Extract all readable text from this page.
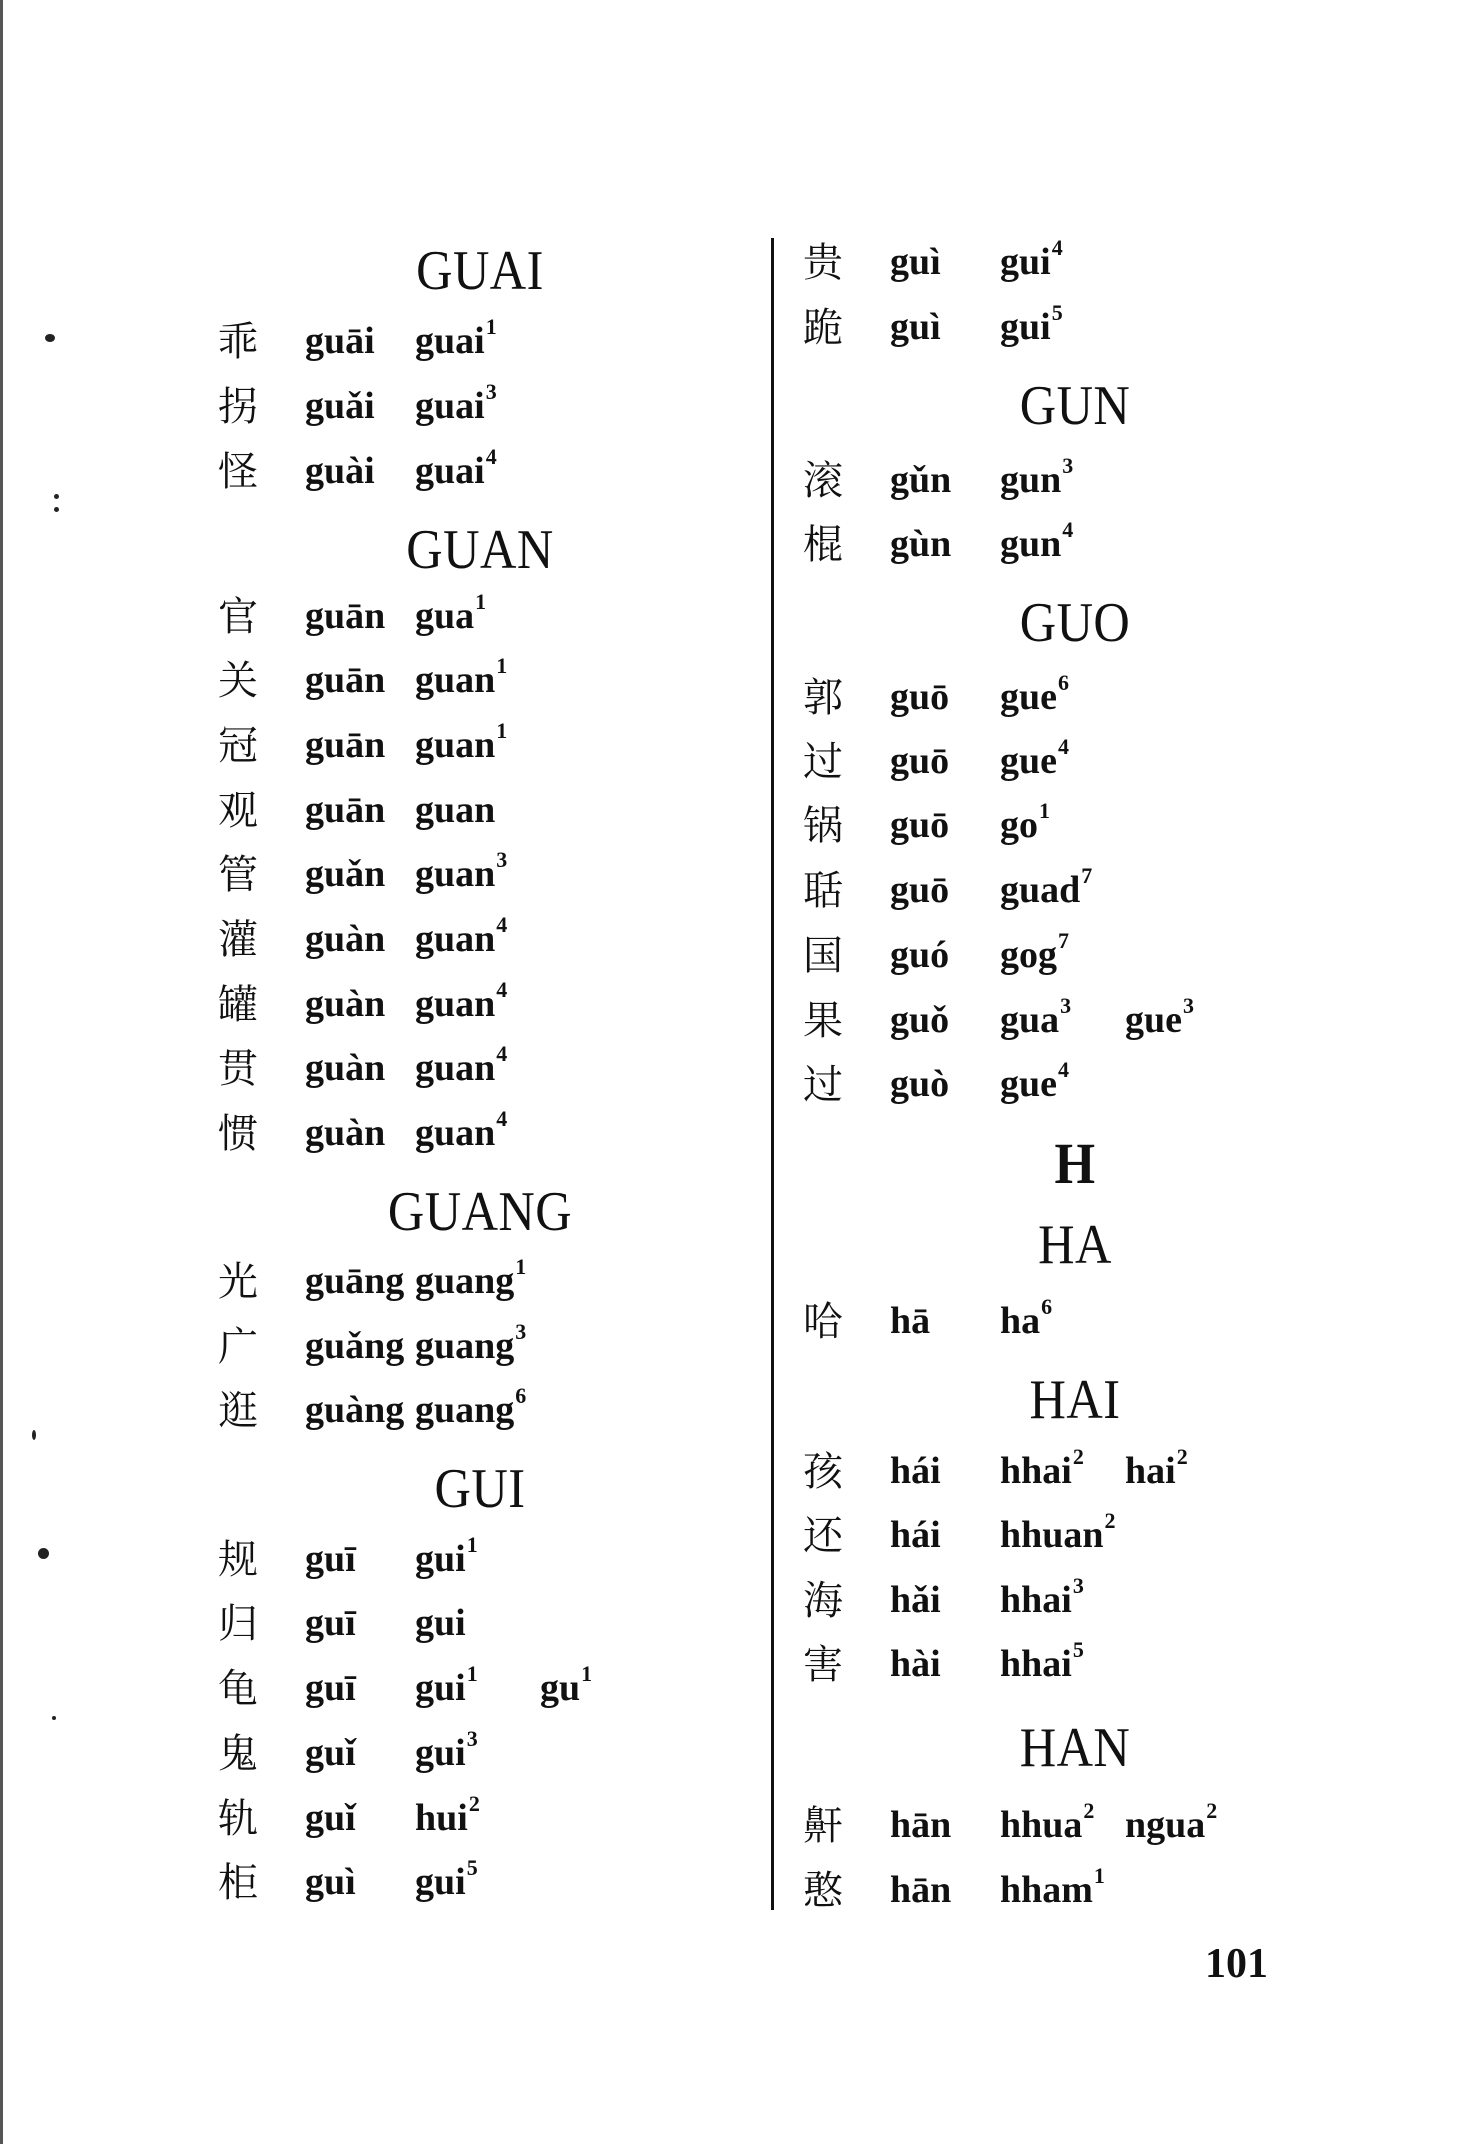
GUAI
乖 guāi guai$^1$
拐 guǎi guai$^3$
怪 guài guai$^4$
GUAN
官 guān gua$^1$
关 guān guan$^1$
冠 guān guan$^1$
观 guān guan
管 guǎn guan$^3$
灌 guàn guan$^4$
罐 guàn guan$^4$
贯 guàn guan$^4$
惯 guàn guan$^4$
GUANG
光 guāng guang$^1$
广 guǎng guang$^3$
逛 guàng guang$^6$
GUI
规 guī gui$^1$
归 guī gui
龟 guī gui$^1$ $gu^1$
鬼 guǐ gui$^3$
轨 guǐ hui$^2$
柜 guì gui$^5$
贵 guì gui$^4$
跪 guì gui$^5$
GUN
滚 gǔn gun$^3$
棍 gùn gun$^4$
GUO
郭 guō gue$^6$
过 guō gue$^4$
锅 guō $go^1$
聒 guō guad$^7$
国 guó gog$^7$
果 guǒ gua$^3$ gue$^3$
过 guò gue$^4$
H
HA
哈 hā $ha^6$
HAI
孩 hái hhai$^2$ hai$^2$
还 hái hhuan$^2$
海 hǎi hhai$^3$
害 hài hhai$^5$
HAN
鼾 hān hhua$^2$ ngua$^2$
憨 hān hham$^1$
101
